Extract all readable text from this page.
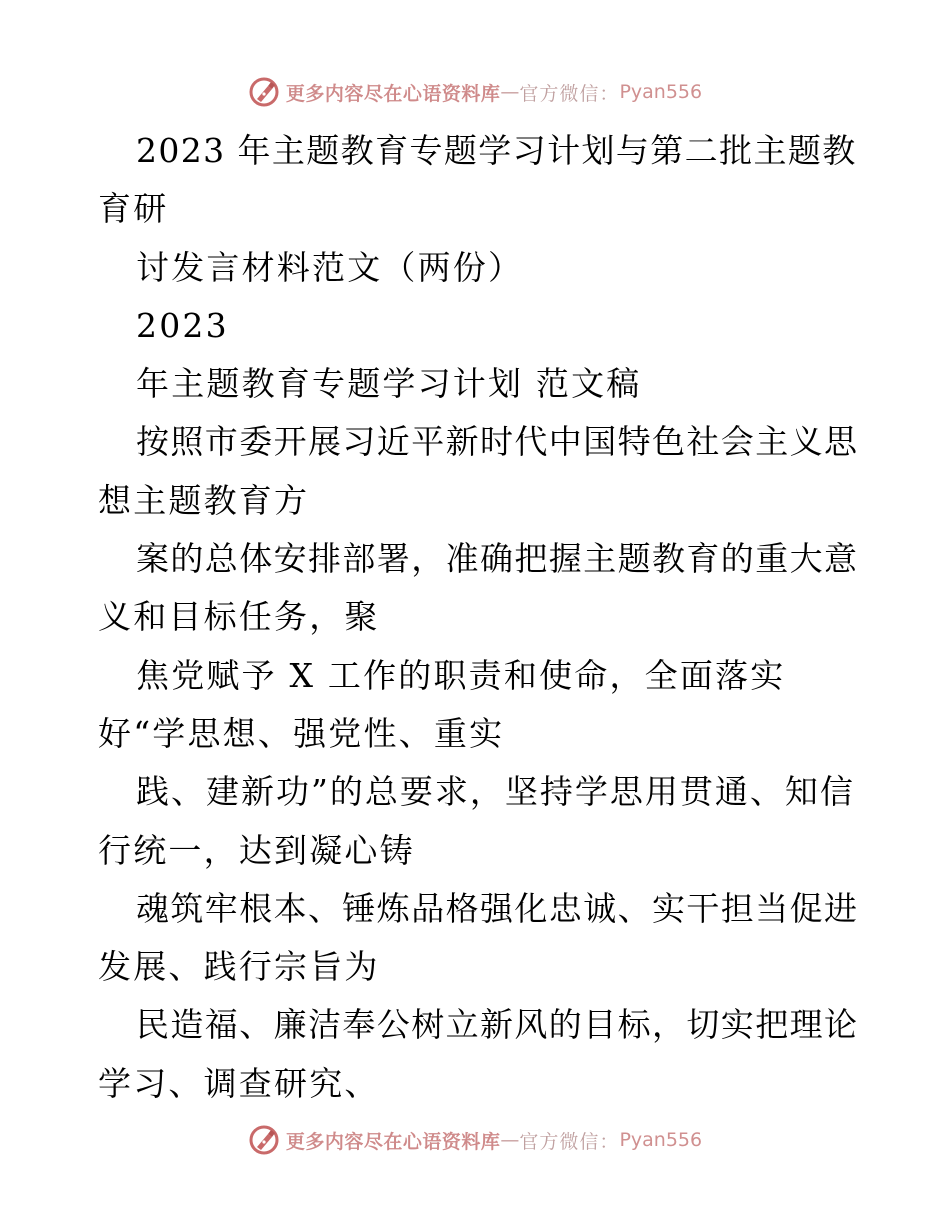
更多内容尽在心语资料库 — 官方微信： Pyan556
2023 年主题教育专题学习计划与第二批主题教
育研
讨发言材料范文（两份）
2023
年主题教育专题学习计划 范文稿
按照市委开展习近平新时代中国特色社会主义思
想主题教育方
案的总体安排部署，准确把握主题教育的重大意
义和目标任务，聚
焦党赋予 X 工作的职责和使命，全面落实
好“学思想、强党性、重实
践、建新功”的总要求，坚持学思用贯通、知信
行统一，达到凝心铸
魂筑牢根本、锤炼品格强化忠诚、实干担当促进
发展、践行宗旨为
民造福、廉洁奉公树立新风的目标，切实把理论
学习、调查研究、
更多内容尽在心语资料库 — 官方微信： Pyan556
